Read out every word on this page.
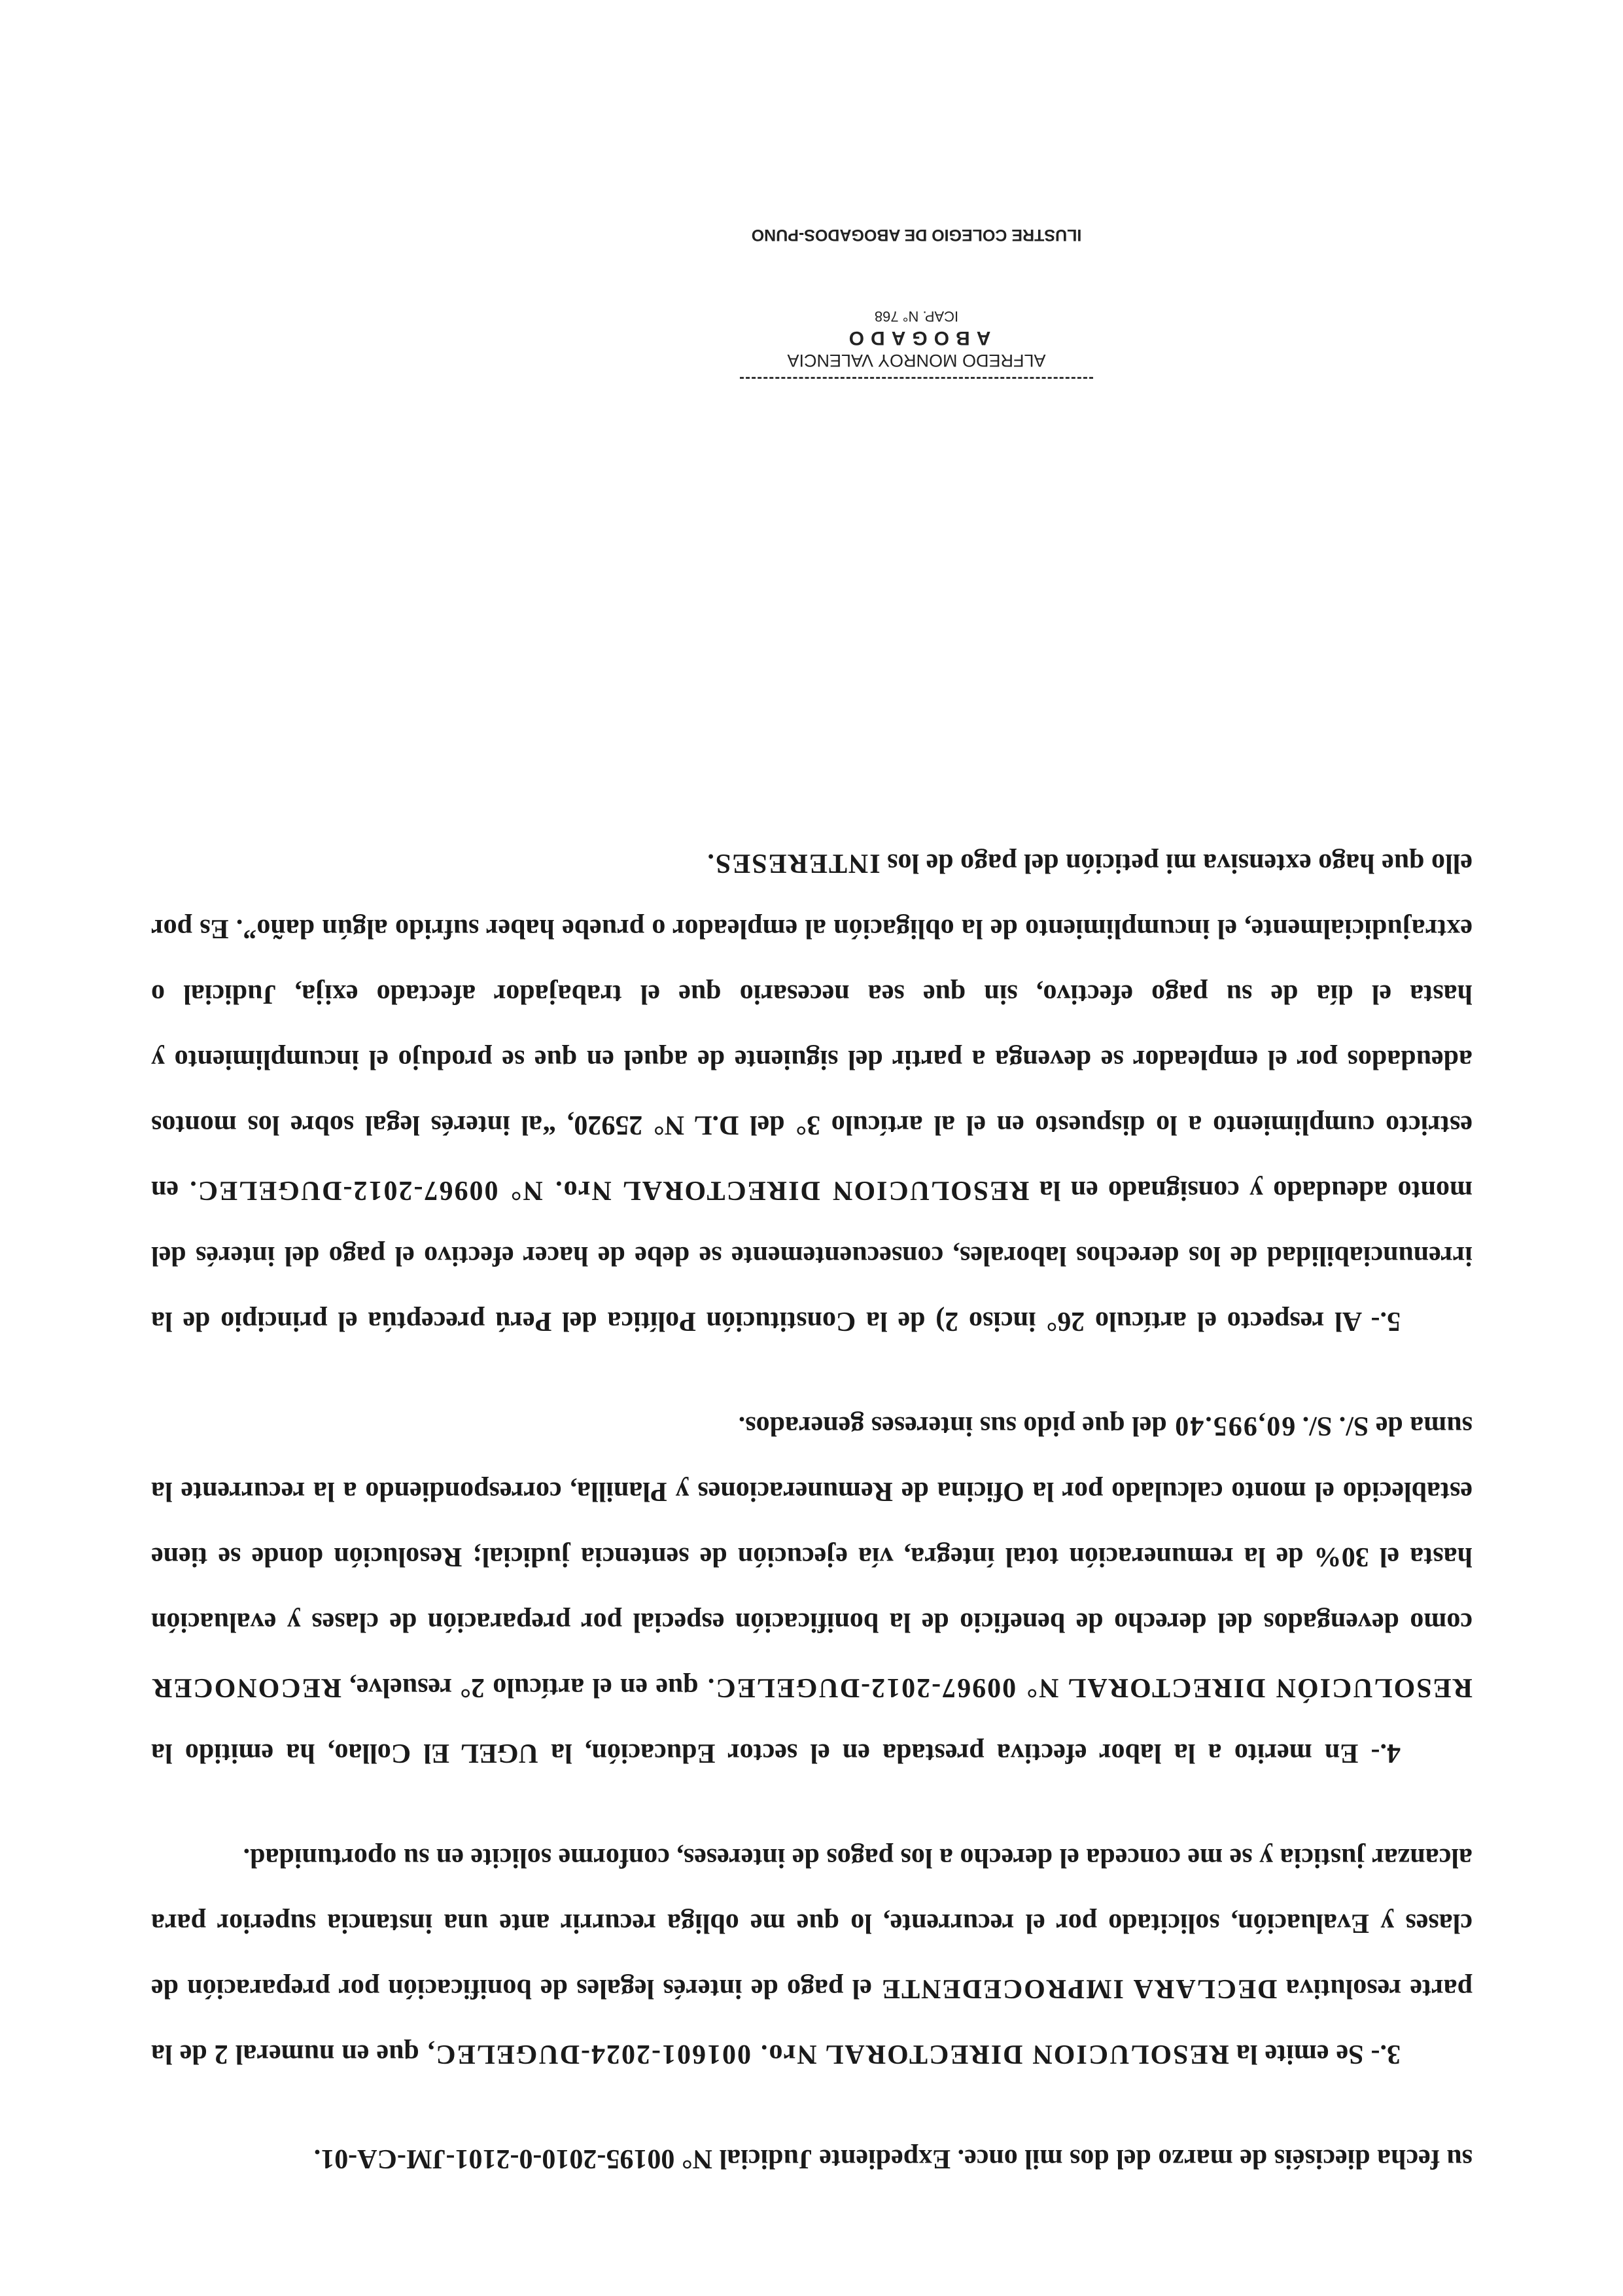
su fecha dieciséis de marzo del dos mil once. Expediente Judicial N° 00195-2010-0-2101-JM-CA-01.

3.- Se emite la RESOLUCION DIRECTORAL Nro. 001601-2024-DUGELEC, que en numeral 2 de la parte resolutiva DECLARA IMPROCEDENTE el pago de interés legales de bonificación por preparación de clases y Evaluación, solicitado por el recurrente, lo que me obliga recurrir ante una instancia superior para alcanzar justicia y se me conceda el derecho a los pagos de intereses, conforme solicite en su oportunidad.

4.- En merito a la labor efectiva prestada en el sector Educación, la UGEL El Collao, ha emitido la RESOLUCIÓN DIRECTORAL N° 00967-2012-DUGELEC. que en el artículo 2° resuelve, RECONOCER como devengados del derecho de beneficio de la bonificación especial por preparación de clases y evaluación hasta el 30% de la remuneración total íntegra, vía ejecución de sentencia judicial; Resolución donde se tiene establecido el monto calculado por la Oficina de Remuneraciones y Planilla, correspondiendo a la recurrente la suma de S/. S/. 60,995.40 del que pido sus intereses generados.

5.- Al respecto el artículo 26° inciso 2) de la Constitución Política del Perú preceptúa el principio de la irrenunciabilidad de los derechos laborales, consecuentemente se debe de hacer efectivo el pago del interés del monto adeudado y consignado en la RESOLUCION DIRECTORAL Nro. N° 00967-2012-DUGELEC. en estricto cumplimiento a lo dispuesto en el al artículo 3° del D.L N° 25920, “al interés legal sobre los montos adeudados por el empleador se devenga a partir del siguiente de aquel en que se produjo el incumplimiento y hasta el día de su pago efectivo, sin que sea necesario que el trabajador afectado exija, Judicial o extrajudicialmente, el incumplimiento de la obligación al empleador o pruebe haber sufrido algún daño”. Es por ello que hago extensiva mi petición del pago de los INTERESES.

ALFREDO MONROY VALENCIA
ABOGADO
ICAP. N° 768
ILUSTRE COLEGIO DE ABOGADOS-PUNO
